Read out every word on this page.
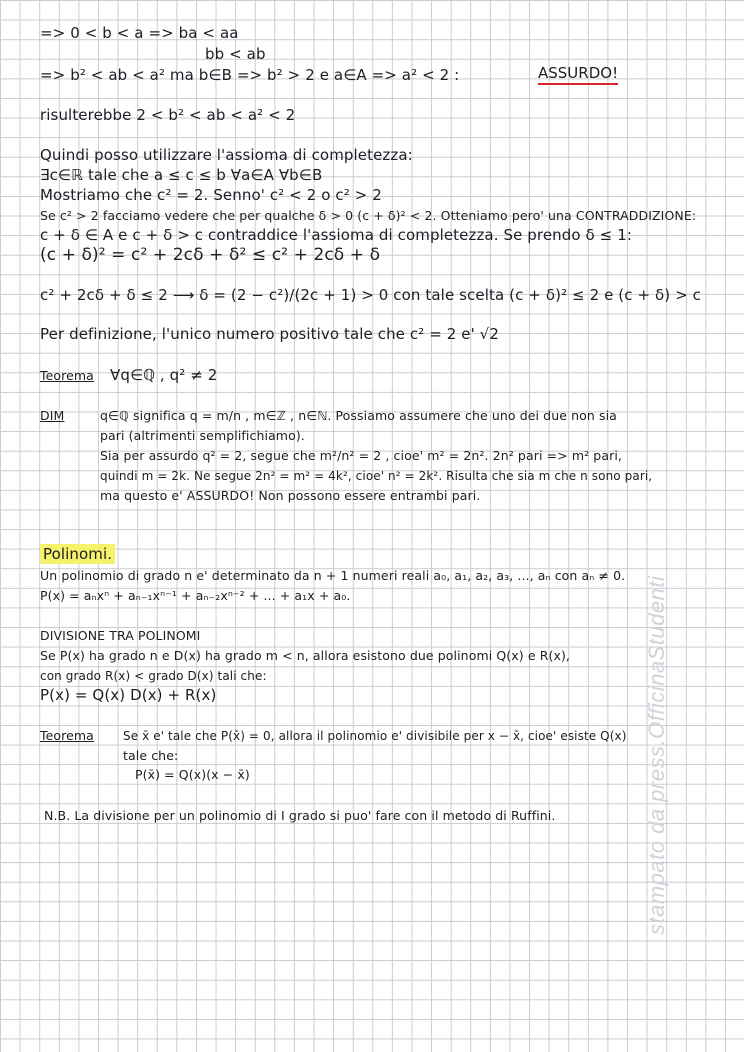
=> 0 < b < a => ba < aa
bb < ab
=> b² < ab < a² ma b∈B => b² > 2 e a∈A => a² < 2 :	ASSURDO!
risulterebbe 2 < b² < ab < a² < 2
Quindi posso utilizzare l'assioma di completezza:
∃c∈ℝ tale che a ≤ c ≤ b ∀a∈A ∀b∈B
Mostriamo che c² = 2. Senno' c² < 2 o c² > 2
Se c² > 2 facciamo vedere che per qualche δ > 0 (c + δ)² < 2. Otteniamo pero' una CONTRADDIZIONE:
c + δ ∈ A e c + δ > c contraddice l'assioma di completezza. Se prendo δ ≤ 1:
(c + δ)² = c² + 2cδ + δ² ≤ c² + 2cδ + δ
c² + 2cδ + δ ≤ 2 ⟶ δ = (2 − c²)/(2c + 1) > 0 con tale scelta (c + δ)² ≤ 2 e (c + δ) > c
Per definizione, l'unico numero positivo tale che c² = 2 e' √2
Teorema ∀q∈ℚ , q² ≠ 2
DIM	q∈ℚ significa q = m/n , m∈ℤ , n∈ℕ. Possiamo assumere che uno dei due non sia
pari (altrimenti semplifichiamo).
Sia per assurdo q² = 2, segue che m²/n² = 2 , cioe' m² = 2n². 2n² pari => m² pari,
quindi m = 2k. Ne segue 2n² = m² = 4k², cioe' n² = 2k². Risulta che sia m che n sono pari,
ma questo e' ASSURDO! Non possono essere entrambi pari.
Polinomi.
Un polinomio di grado n e' determinato da n + 1 numeri reali a₀, a₁, a₂, a₃, ..., aₙ con aₙ ≠ 0.
P(x) = aₙxⁿ + aₙ₋₁xⁿ⁻¹ + aₙ₋₂xⁿ⁻² + ... + a₁x + a₀.
DIVISIONE TRA POLINOMI
Se P(x) ha grado n e D(x) ha grado m < n, allora esistono due polinomi Q(x) e R(x),
con grado R(x) < grado D(x) tali che:
P(x) = Q(x) D(x) + R(x)
Teorema Se x̄ e' tale che P(x̄) = 0, allora il polinomio e' divisibile per x − x̄, cioe' esiste Q(x)
tale che:
P(x̄) = Q(x)(x − x̄)
N.B. La divisione per un polinomio di I grado si puo' fare con il metodo di Ruffini.	stampato da press.OfficinaStudenti
